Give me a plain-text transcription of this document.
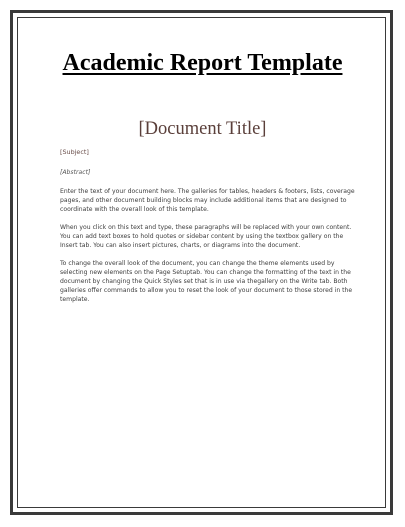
Academic Report Template
[Document Title]

[Subject]

[Abstract]

Enter the text of your document here. The galleries for tables, headers & footers, lists, coverage pages, and other document building blocks may include additional items that are designed to coordinate with the overall look of this template.

When you click on this text and type, these paragraphs will be replaced with your own content. You can add text boxes to hold quotes or sidebar content by using the textbox gallery on the Insert tab. You can also insert pictures, charts, or diagrams into the document.

To change the overall look of the document, you can change the theme elements used by selecting new elements on the Page Setuptab. You can change the formatting of the text in the document by changing the Quick Styles set that is in use via thegallery on the Write tab. Both galleries offer commands to allow you to reset the look of your document to those stored in the template.
